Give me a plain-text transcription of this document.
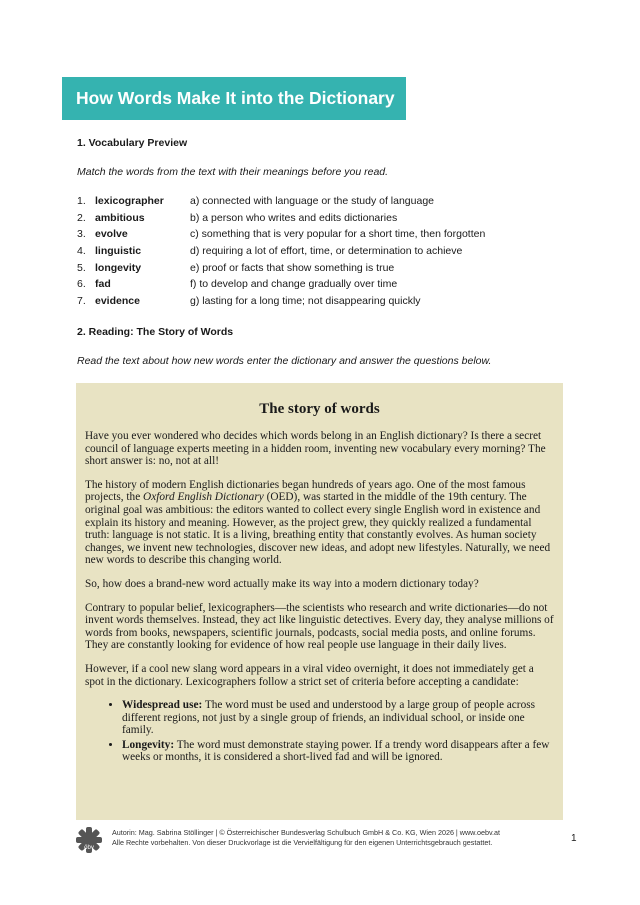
How Words Make It into the Dictionary
1. Vocabulary Preview
Match the words from the text with their meanings before you read.
1. lexicographer	a) connected with language or the study of language
2. ambitious	b) a person who writes and edits dictionaries
3. evolve	c) something that is very popular for a short time, then forgotten
4. linguistic	d) requiring a lot of effort, time, or determination to achieve
5. longevity	e) proof or facts that show something is true
6. fad	f) to develop and change gradually over time
7. evidence	g) lasting for a long time; not disappearing quickly
2. Reading: The Story of Words
Read the text about how new words enter the dictionary and answer the questions below.
The story of words

Have you ever wondered who decides which words belong in an English dictionary? Is there a secret council of language experts meeting in a hidden room, inventing new vocabulary every morning? The short answer is: no, not at all!

The history of modern English dictionaries began hundreds of years ago. One of the most famous projects, the Oxford English Dictionary (OED), was started in the middle of the 19th century. The original goal was ambitious: the editors wanted to collect every single English word in existence and explain its history and meaning. However, as the project grew, they quickly realized a fundamental truth: language is not static. It is a living, breathing entity that constantly evolves. As human society changes, we invent new technologies, discover new ideas, and adopt new lifestyles. Naturally, we need new words to describe this changing world.

So, how does a brand-new word actually make its way into a modern dictionary today?

Contrary to popular belief, lexicographers—the scientists who research and write dictionaries—do not invent words themselves. Instead, they act like linguistic detectives. Every day, they analyse millions of words from books, newspapers, scientific journals, podcasts, social media posts, and online forums. They are constantly looking for evidence of how real people use language in their daily lives.

However, if a cool new slang word appears in a viral video overnight, it does not immediately get a spot in the dictionary. Lexicographers follow a strict set of criteria before accepting a candidate:

• Widespread use: The word must be used and understood by a large group of people across different regions, not just by a single group of friends, an individual school, or inside one family.
• Longevity: The word must demonstrate staying power. If a trendy word disappears after a few weeks or months, it is considered a short-lived fad and will be ignored.
öbv
Autorin: Mag. Sabrina Stöllinger | © Österreichischer Bundesverlag Schulbuch GmbH & Co. KG, Wien 2026 | www.oebv.at
Alle Rechte vorbehalten. Von dieser Druckvorlage ist die Vervielfältigung für den eigenen Unterrichtsgebrauch gestattet.	1
